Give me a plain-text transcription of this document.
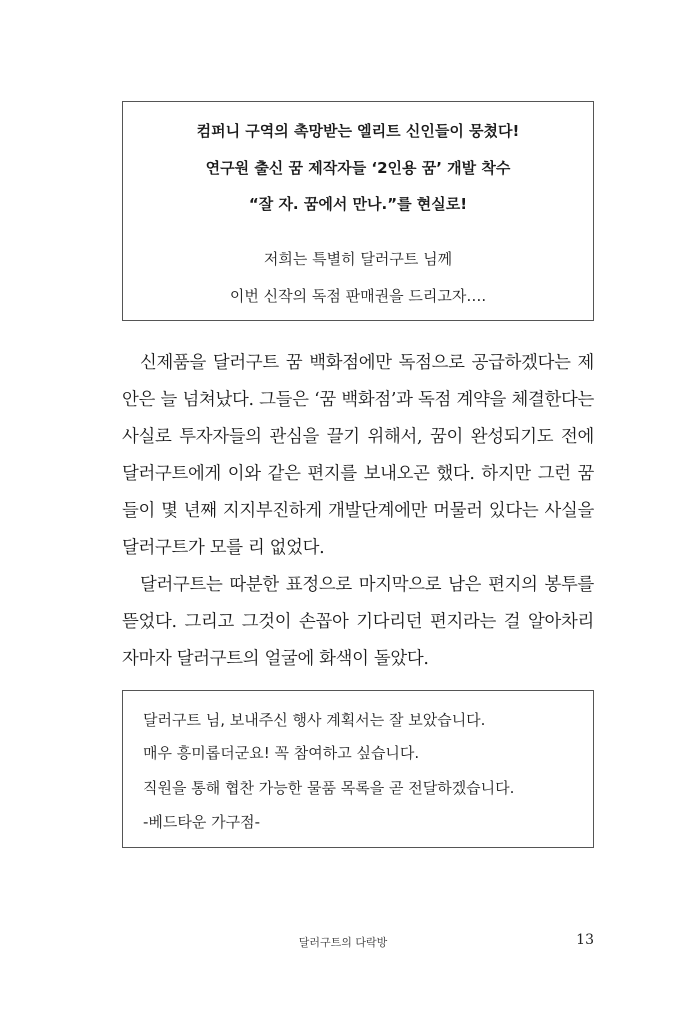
컴퍼니 구역의 촉망받는 엘리트 신인들이 뭉쳤다!
연구원 출신 꿈 제작자들 ‘2인용 꿈’ 개발 착수
“잘 자. 꿈에서 만나.”를 현실로!
저희는 특별히 달러구트 님께
이번 신작의 독점 판매권을 드리고자….
신제품을 달러구트 꿈 백화점에만 독점으로 공급하겠다는 제
안은 늘 넘쳐났다. 그들은 ‘꿈 백화점’과 독점 계약을 체결한다는
사실로 투자자들의 관심을 끌기 위해서, 꿈이 완성되기도 전에
달러구트에게 이와 같은 편지를 보내오곤 했다. 하지만 그런 꿈
들이 몇 년째 지지부진하게 개발단계에만 머물러 있다는 사실을
달러구트가 모를 리 없었다.
달러구트는 따분한 표정으로 마지막으로 남은 편지의 봉투를
뜯었다. 그리고 그것이 손꼽아 기다리던 편지라는 걸 알아차리
자마자 달러구트의 얼굴에 화색이 돌았다.
달러구트 님, 보내주신 행사 계획서는 잘 보았습니다.
매우 흥미롭더군요! 꼭 참여하고 싶습니다.
직원을 통해 협찬 가능한 물품 목록을 곧 전달하겠습니다.
-베드타운 가구점-
달러구트의 다락방	13
